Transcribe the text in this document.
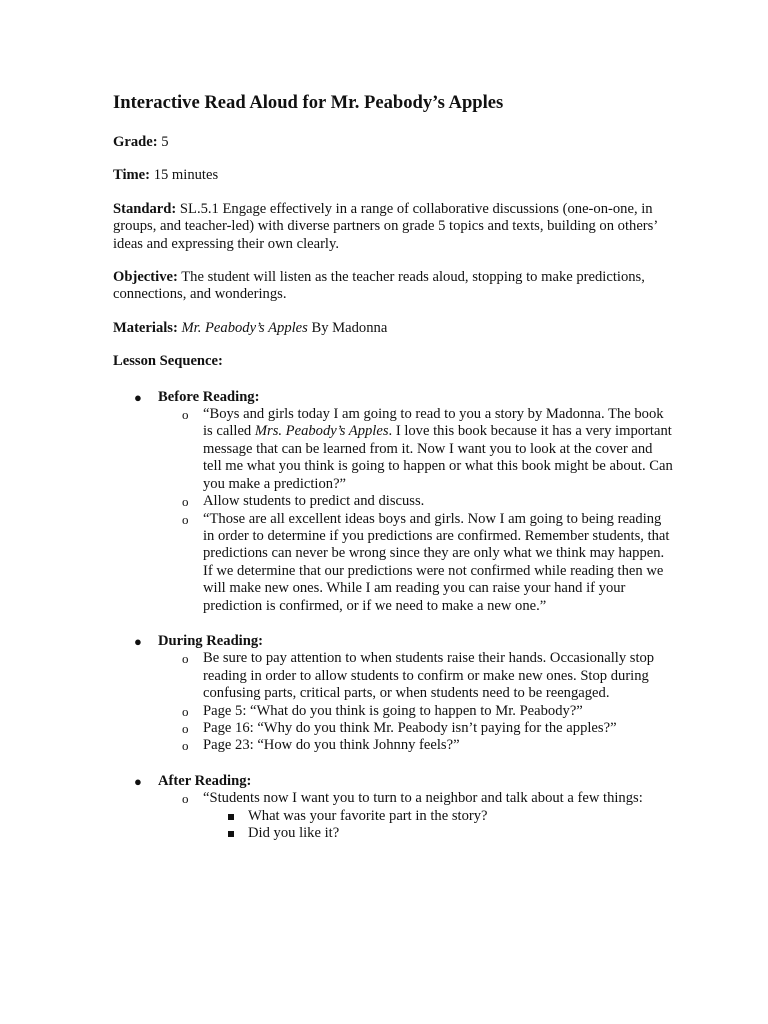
Interactive Read Aloud for Mr. Peabody’s Apples

Grade: 5

Time: 15 minutes

Standard: SL.5.1 Engage effectively in a range of collaborative discussions (one-on-one, in groups, and teacher-led) with diverse partners on grade 5 topics and texts, building on others’ ideas and expressing their own clearly.

Objective: The student will listen as the teacher reads aloud, stopping to make predictions, connections, and wonderings.

Materials: Mr. Peabody’s Apples By Madonna

Lesson Sequence:

● Before Reading:
o “Boys and girls today I am going to read to you a story by Madonna. The book is called Mrs. Peabody’s Apples. I love this book because it has a very important message that can be learned from it. Now I want you to look at the cover and tell me what you think is going to happen or what this book might be about. Can you make a prediction?”
o Allow students to predict and discuss.
o “Those are all excellent ideas boys and girls. Now I am going to being reading in order to determine if you predictions are confirmed. Remember students, that predictions can never be wrong since they are only what we think may happen. If we determine that our predictions were not confirmed while reading then we will make new ones. While I am reading you can raise your hand if your prediction is confirmed, or if we need to make a new one.”
● During Reading:
o Be sure to pay attention to when students raise their hands. Occasionally stop reading in order to allow students to confirm or make new ones. Stop during confusing parts, critical parts, or when students need to be reengaged.
o Page 5: “What do you think is going to happen to Mr. Peabody?”
o Page 16: “Why do you think Mr. Peabody isn’t paying for the apples?”
o Page 23: “How do you think Johnny feels?”
● After Reading:
o “Students now I want you to turn to a neighbor and talk about a few things:
What was your favorite part in the story?
Did you like it?
